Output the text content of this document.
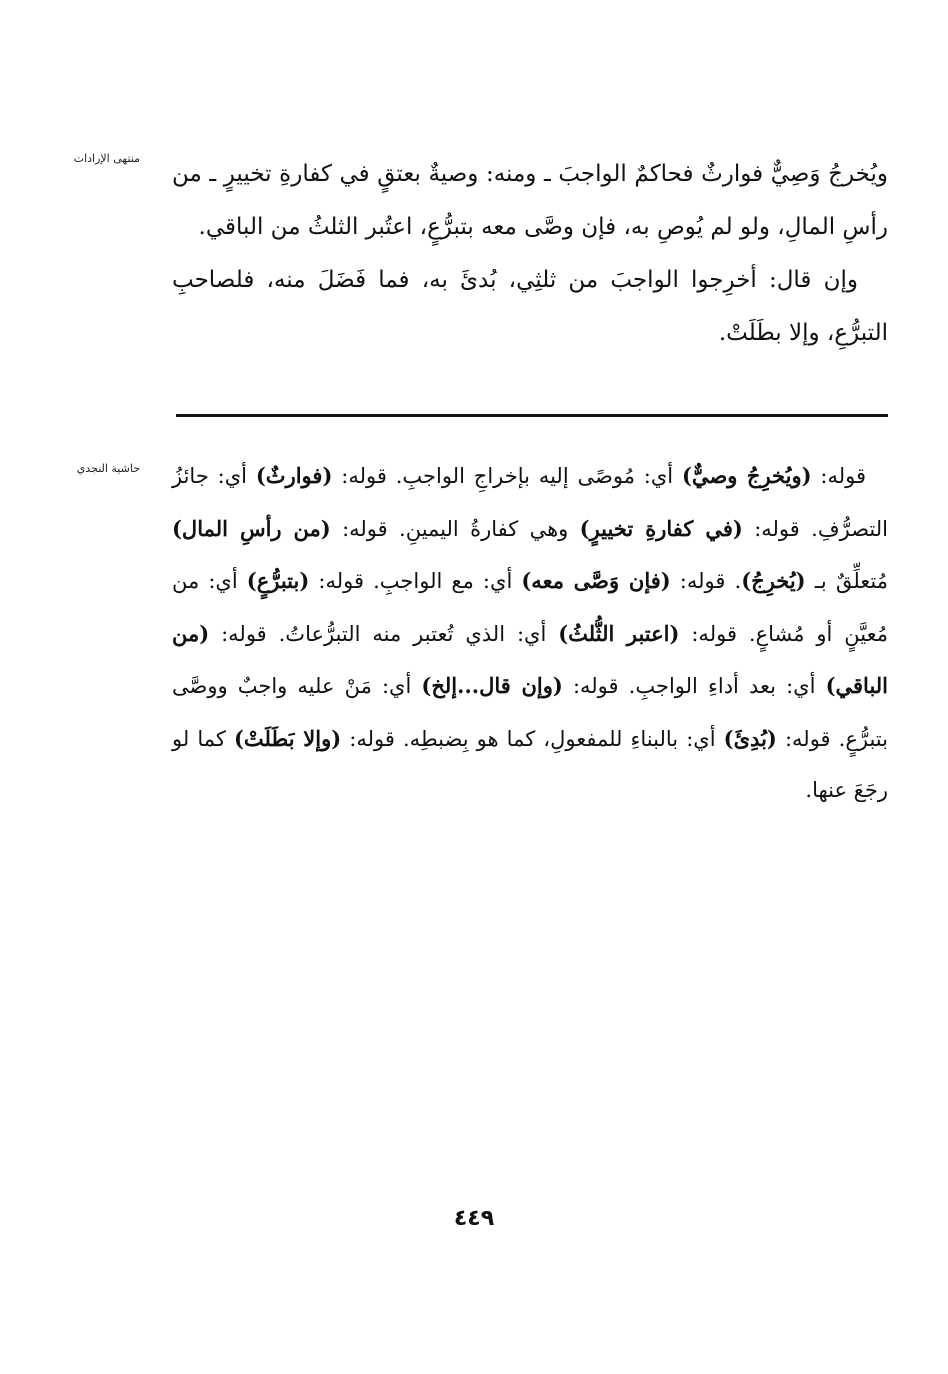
منتهى الإرادات
حاشية النجدي

ويُخرجُ وَصِيٌّ فوارثٌ فحاكمٌ الواجبَ ـ ومنه: وصيةٌ بعتقٍ في كفارةِ تخييرٍ ـ من رأسِ المالِ، ولو لم يُوصِ به، فإن وصَّى معه بتبرُّعٍ، اعتُبر الثلثُ من الباقي.

وإن قال: أخرِجوا الواجبَ من ثلثِي، بُدئَ به، فما فَضَلَ منه، فلصاحبِ التبرُّعِ، وإلا بطَلَتْ.

قوله: (ويُخرِجُ وصيٌّ) أي: مُوصًى إليه بإخراجِ الواجبِ. قوله: (فوارثٌ) أي: جائزُ التصرُّفِ. قوله: (في كفارةِ تخييرٍ) وهي كفارةُ اليمينِ. قوله: (من رأسِ المال) مُتعلِّقٌ بـ (يُخرِجُ). قوله: (فإن وَصَّى معه) أي: مع الواجبِ. قوله: (بتبرُّعٍ) أي: من مُعيَّنٍ أو مُشاعٍ. قوله: (اعتبر الثُّلثُ) أي: الذي تُعتبر منه التبرُّعاتُ. قوله: (من الباقي) أي: بعد أداءِ الواجبِ. قوله: (وإن قال...إلخ) أي: مَنْ عليه واجبٌ ووصَّى بتبرُّعٍ. قوله: (بُدِئَ) أي: بالبناءِ للمفعولِ، كما هو بِضبطِه. قوله: (وإلا بَطَلَتْ) كما لو رجَعَ عنها.

٤٤٩
